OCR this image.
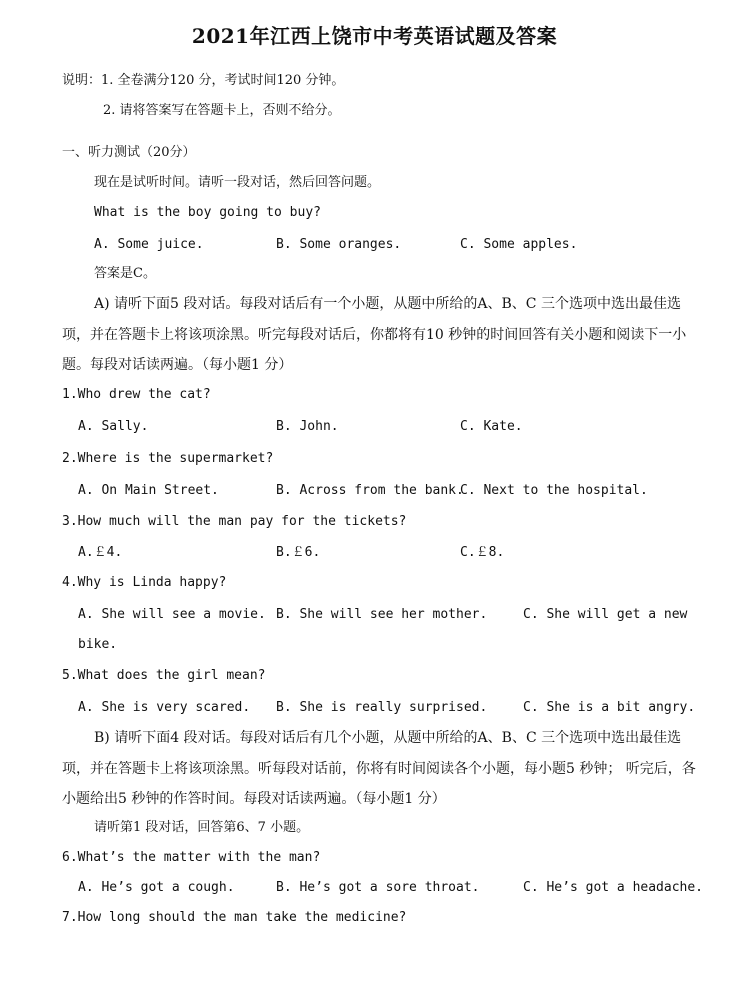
2021年江西上饶市中考英语试题及答案
说明：1. 全卷满分120 分，考试时间120 分钟。
2. 请将答案写在答题卡上，否则不给分。
一、听力测试（20分）
现在是试听时间。请听一段对话，然后回答问题。
What is the boy going to buy?
A. Some juice.	B. Some oranges.	C. Some apples.
答案是C。
A) 请听下面5 段对话。每段对话后有一个小题，从题中所给的A、B、C 三个选项中选出最佳选项，并在答题卡上将该项涂黑。听完每段对话后，你都将有10 秒钟的时间回答有关小题和阅读下一小题。每段对话读两遍。（每小题1 分）
1.Who drew the cat?
A. Sally.	B. John.	C. Kate.
2.Where is the supermarket?
A. On Main Street.	B. Across from the bank.
C. Next to the hospital.
3.How much will the man pay for the tickets?
A.￡4.	B.￡6.	C.￡8.
4.Why is Linda happy?
A. She will see a movie. B. She will see her mother.	C. She will get a new
bike.
5.What does the girl mean?
A. She is very scared. B. She is really surprised.	C. She is a bit angry.
B) 请听下面4 段对话。每段对话后有几个小题，从题中所给的A、B、C 三个选项中选出最佳选项，并在答题卡上将该项涂黑。听每段对话前，你将有时间阅读各个小题，每小题5 秒钟； 听完后，各小题给出5 秒钟的作答时间。每段对话读两遍。（每小题1 分）
请听第1 段对话，回答第6、7 小题。
6.What’s the matter with the man?
A. He’s got a cough.	B. He’s got a sore throat.	C. He’s got a headache.
7.How long should the man take the medicine?
